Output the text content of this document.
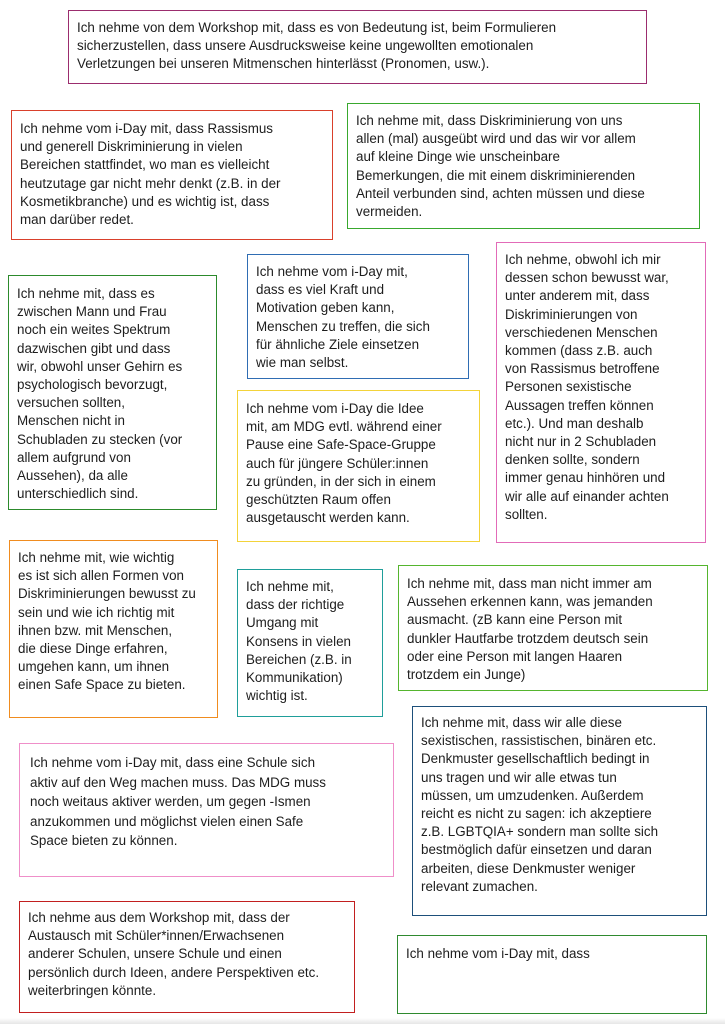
Ich nehme von dem Workshop mit, dass es von Bedeutung ist, beim Formulieren
sicherzustellen, dass unsere Ausdrucksweise keine ungewollten emotionalen
Verletzungen bei unseren Mitmenschen hinterlässt (Pronomen, usw.).

Ich nehme vom i-Day mit, dass Rassismus
und generell Diskriminierung in vielen
Bereichen stattfindet, wo man es vielleicht
heutzutage gar nicht mehr denkt (z.B. in der
Kosmetikbranche) und es wichtig ist, dass
man darüber redet.

Ich nehme mit, dass Diskriminierung von uns
allen (mal) ausgeübt wird und das wir vor allem
auf kleine Dinge wie unscheinbare
Bemerkungen, die mit einem diskriminierenden
Anteil verbunden sind, achten müssen und diese
vermeiden.

Ich nehme mit, dass es
zwischen Mann und Frau
noch ein weites Spektrum
dazwischen gibt und dass
wir, obwohl unser Gehirn es
psychologisch bevorzugt,
versuchen sollten,
Menschen nicht in
Schubladen zu stecken (vor
allem aufgrund von
Aussehen), da alle
unterschiedlich sind.

Ich nehme vom i-Day mit,
dass es viel Kraft und
Motivation geben kann,
Menschen zu treffen, die sich
für ähnliche Ziele einsetzen
wie man selbst.

Ich nehme, obwohl ich mir
dessen schon bewusst war,
unter anderem mit, dass
Diskriminierungen von
verschiedenen Menschen
kommen (dass z.B. auch
von Rassismus betroffene
Personen sexistische
Aussagen treffen können
etc.). Und man deshalb
nicht nur in 2 Schubladen
denken sollte, sondern
immer genau hinhören und
wir alle auf einander achten
sollten.

Ich nehme vom i-Day die Idee
mit, am MDG evtl. während einer
Pause eine Safe-Space-Gruppe
auch für jüngere Schüler:innen
zu gründen, in der sich in einem
geschützten Raum offen
ausgetauscht werden kann.

Ich nehme mit, wie wichtig
es ist sich allen Formen von
Diskriminierungen bewusst zu
sein und wie ich richtig mit
ihnen bzw. mit Menschen,
die diese Dinge erfahren,
umgehen kann, um ihnen
einen Safe Space zu bieten.

Ich nehme mit,
dass der richtige
Umgang mit
Konsens in vielen
Bereichen (z.B. in
Kommunikation)
wichtig ist.

Ich nehme mit, dass man nicht immer am
Aussehen erkennen kann, was jemanden
ausmacht. (zB kann eine Person mit
dunkler Hautfarbe trotzdem deutsch sein
oder eine Person mit langen Haaren
trotzdem ein Junge)

Ich nehme vom i-Day mit, dass eine Schule sich
aktiv auf den Weg machen muss. Das MDG muss
noch weitaus aktiver werden, um gegen -Ismen
anzukommen und möglichst vielen einen Safe
Space bieten zu können.

Ich nehme mit, dass wir alle diese
sexistischen, rassistischen, binären etc.
Denkmuster gesellschaftlich bedingt in
uns tragen und wir alle etwas tun
müssen, um umzudenken. Außerdem
reicht es nicht zu sagen: ich akzeptiere
z.B. LGBTQIA+ sondern man sollte sich
bestmöglich dafür einsetzen und daran
arbeiten, diese Denkmuster weniger
relevant zumachen.

Ich nehme aus dem Workshop mit, dass der
Austausch mit Schüler*innen/Erwachsenen
anderer Schulen, unsere Schule und einen
persönlich durch Ideen, andere Perspektiven etc.
weiterbringen könnte.

Ich nehme vom i-Day mit, dass
